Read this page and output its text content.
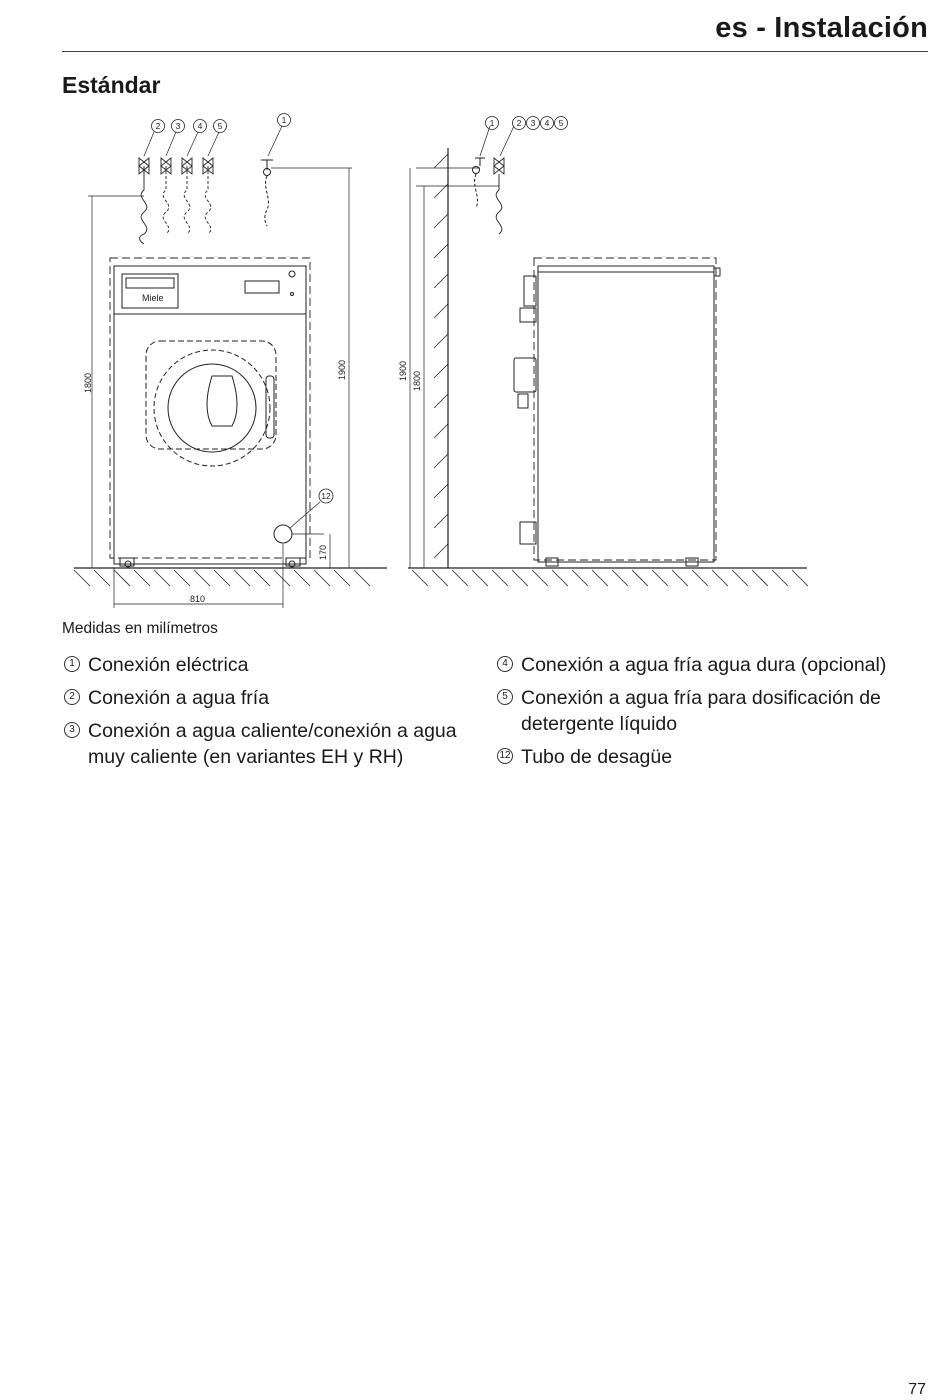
es - Instalación
Estándar
Miele
2 3 4 5
1
12
1800
1900
170
810
1	2 3 4 5
1900 1800
Medidas en milímetros
1 Conexión eléctrica
2 Conexión a agua fría
3 Conexión a agua caliente/conexión a agua muy caliente (en variantes EH y RH)
4 Conexión a agua fría agua dura (opcional)
5 Conexión a agua fría para dosificación de detergente líquido
12 Tubo de desagüe
77
